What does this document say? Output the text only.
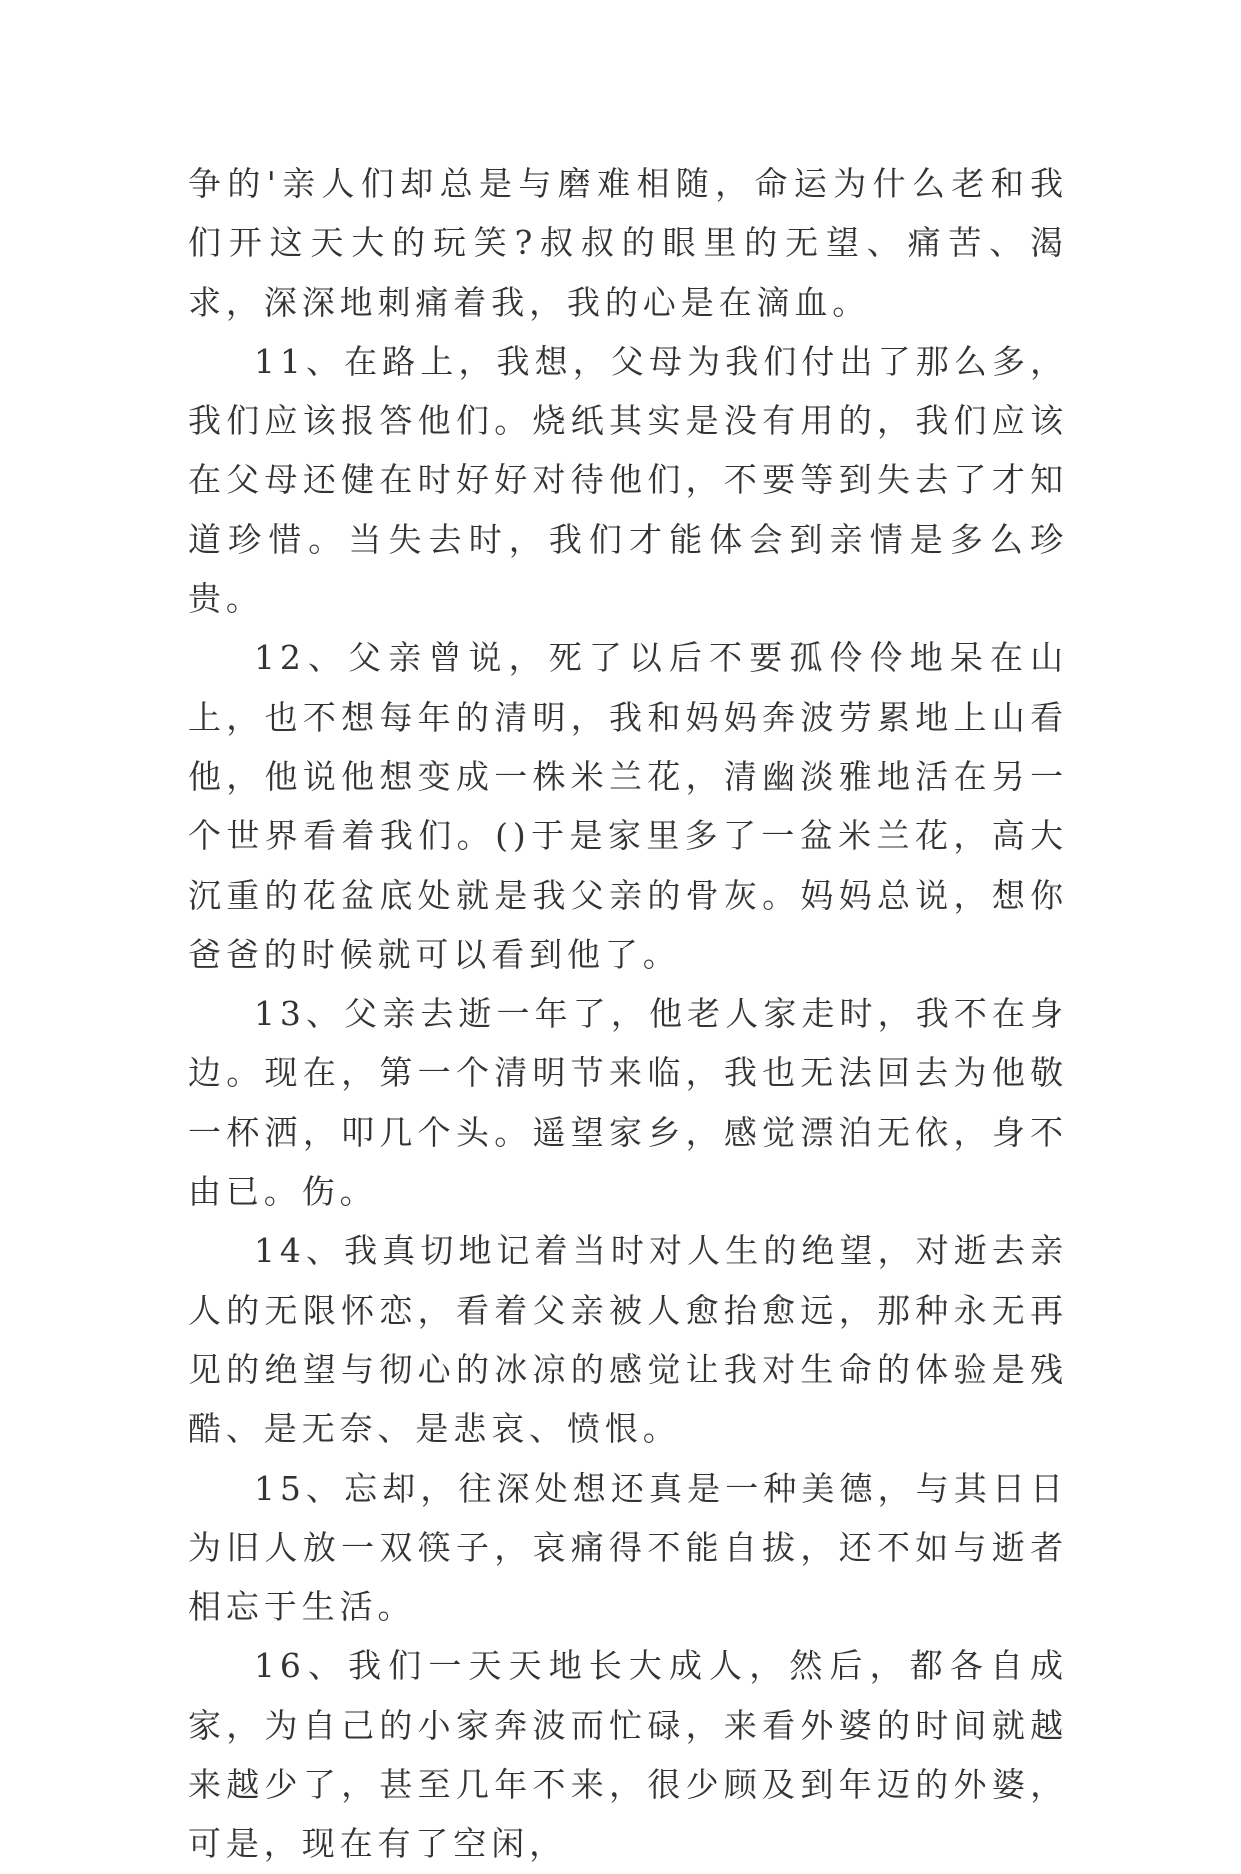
争的'亲人们却总是与磨难相随，命运为什么老和我们开这天大的玩笑?叔叔的眼里的无望、痛苦、渴求，深深地刺痛着我，我的心是在滴血。

11、在路上，我想，父母为我们付出了那么多，我们应该报答他们。烧纸其实是没有用的，我们应该在父母还健在时好好对待他们，不要等到失去了才知道珍惜。当失去时，我们才能体会到亲情是多么珍贵。

12、父亲曾说，死了以后不要孤伶伶地呆在山上，也不想每年的清明，我和妈妈奔波劳累地上山看他，他说他想变成一株米兰花，清幽淡雅地活在另一个世界看着我们。()于是家里多了一盆米兰花，高大沉重的花盆底处就是我父亲的骨灰。妈妈总说，想你爸爸的时候就可以看到他了。

13、父亲去逝一年了，他老人家走时，我不在身边。现在，第一个清明节来临，我也无法回去为他敬一杯洒，叩几个头。遥望家乡，感觉漂泊无依，身不由已。伤。

14、我真切地记着当时对人生的绝望，对逝去亲人的无限怀恋，看着父亲被人愈抬愈远，那种永无再见的绝望与彻心的冰凉的感觉让我对生命的体验是残酷、是无奈、是悲哀、愤恨。

15、忘却，往深处想还真是一种美德，与其日日为旧人放一双筷子，哀痛得不能自拔，还不如与逝者相忘于生活。

16、我们一天天地长大成人，然后，都各自成家，为自己的小家奔波而忙碌，来看外婆的时间就越来越少了，甚至几年不来，很少顾及到年迈的外婆，可是，现在有了空闲，
